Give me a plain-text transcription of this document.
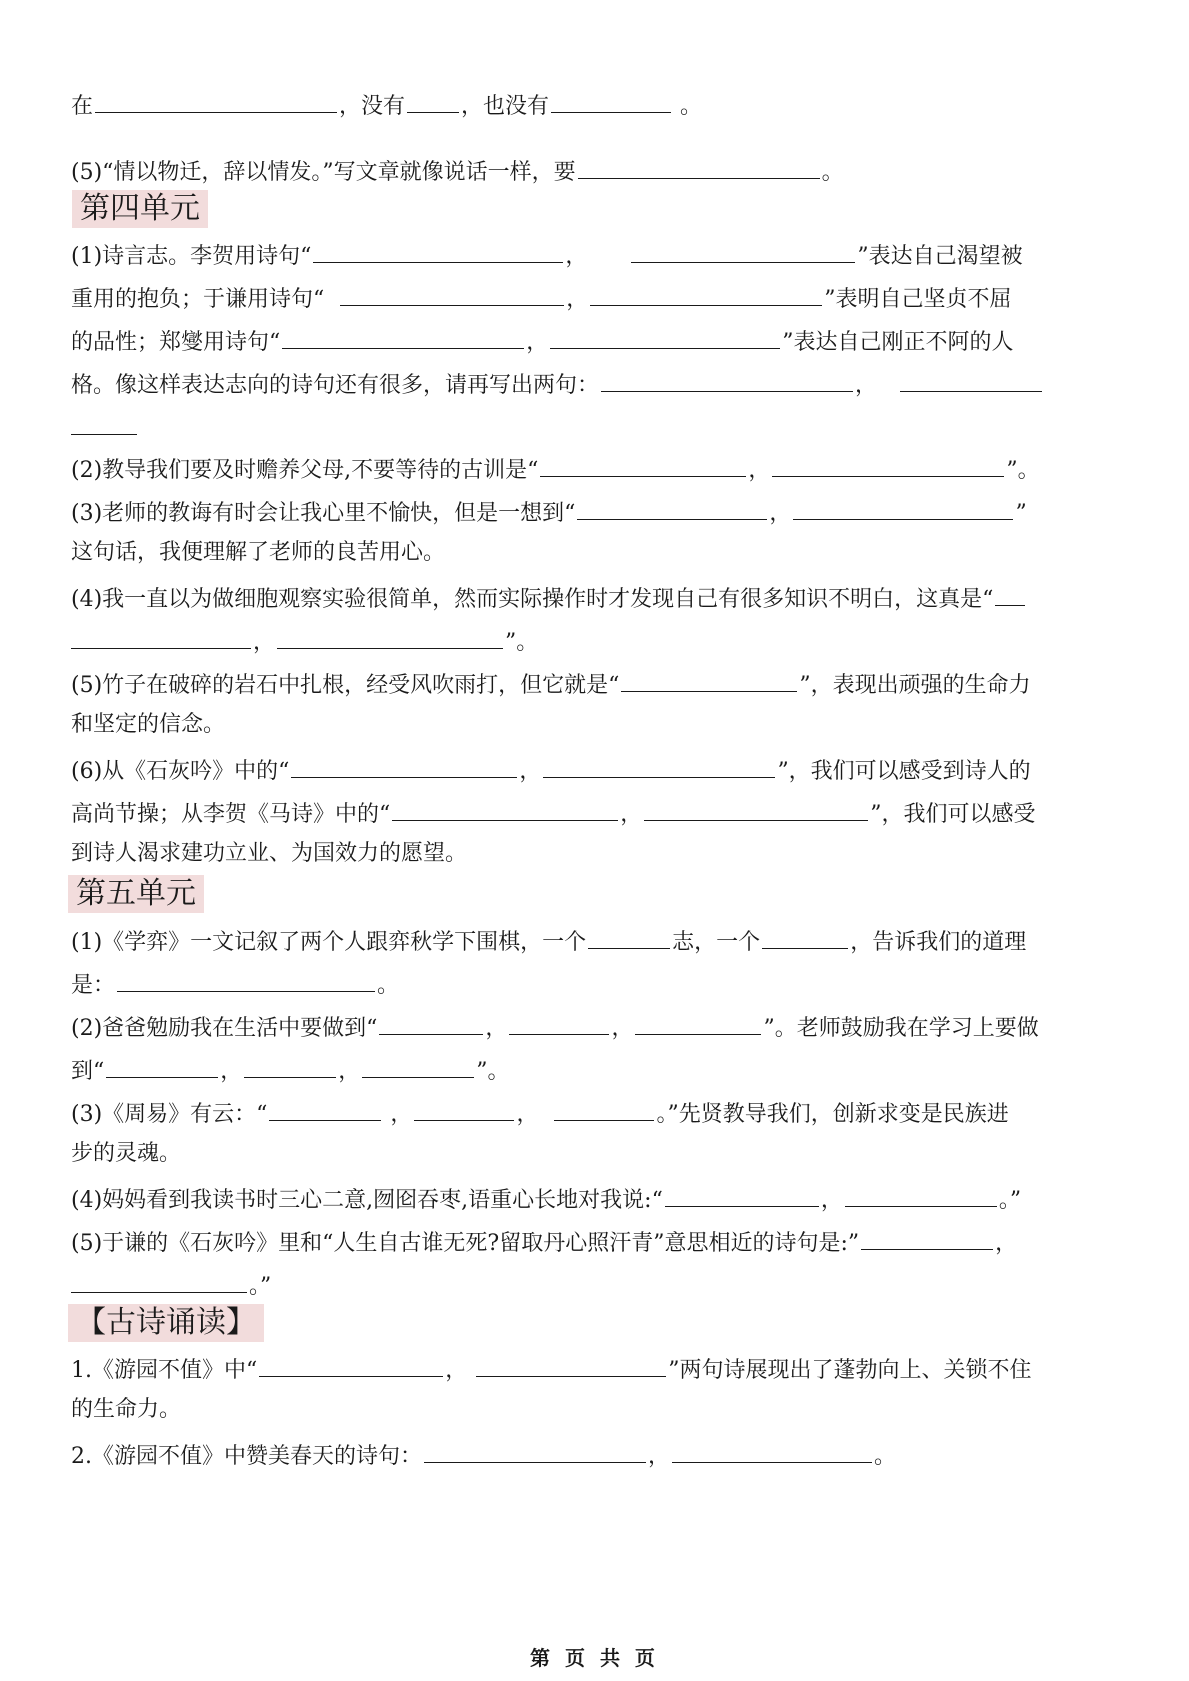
在	，没有	，也没有	。
(5)“情以物迁，辞以情发。”写文章就像说话一样，要	。
第四单元
(1)诗言志。李贺用诗句“	，	”表达自己渴望被
重用的抱负；于谦用诗句“	，	”表明自己坚贞不屈
的品性；郑燮用诗句“	，	”表达自己刚正不阿的人
格。像这样表达志向的诗句还有很多，请再写出两句：	，
(2)教导我们要及时赡养父母,不要等待的古训是“	，	”。
(3)老师的教诲有时会让我心里不愉快，但是一想到“	，	”
这句话，我便理解了老师的良苦用心。
(4)我一直以为做细胞观察实验很简单，然而实际操作时才发现自己有很多知识不明白，这真是“
，	”。
(5)竹子在破碎的岩石中扎根，经受风吹雨打，但它就是“	”，表现出顽强的生命力
和坚定的信念。
(6)从《石灰吟》中的“	，	”，我们可以感受到诗人的
高尚节操；从李贺《马诗》中的“	，	”，我们可以感受
到诗人渴求建功立业、为国效力的愿望。
第五单元
(1)《学弈》一文记叙了两个人跟弈秋学下围棋，一个	志，一个	，告诉我们的道理
是：	。
(2)爸爸勉励我在生活中要做到“	，	，	”。老师鼓励我在学习上要做
到“	，	，	”。
(3)《周易》有云：“	，	，	。”先贤教导我们，创新求变是民族进
步的灵魂。
(4)妈妈看到我读书时三心二意,囫囵吞枣,语重心长地对我说:“	，	。”
(5)于谦的《石灰吟》里和“人生自古谁无死?留取丹心照汗青”意思相近的诗句是:”	，
。”
【古诗诵读】
1.《游园不值》中“	，	”两句诗展现出了蓬勃向上、关锁不住
的生命力。
2.《游园不值》中赞美春天的诗句：	，	。
第 页 共 页
